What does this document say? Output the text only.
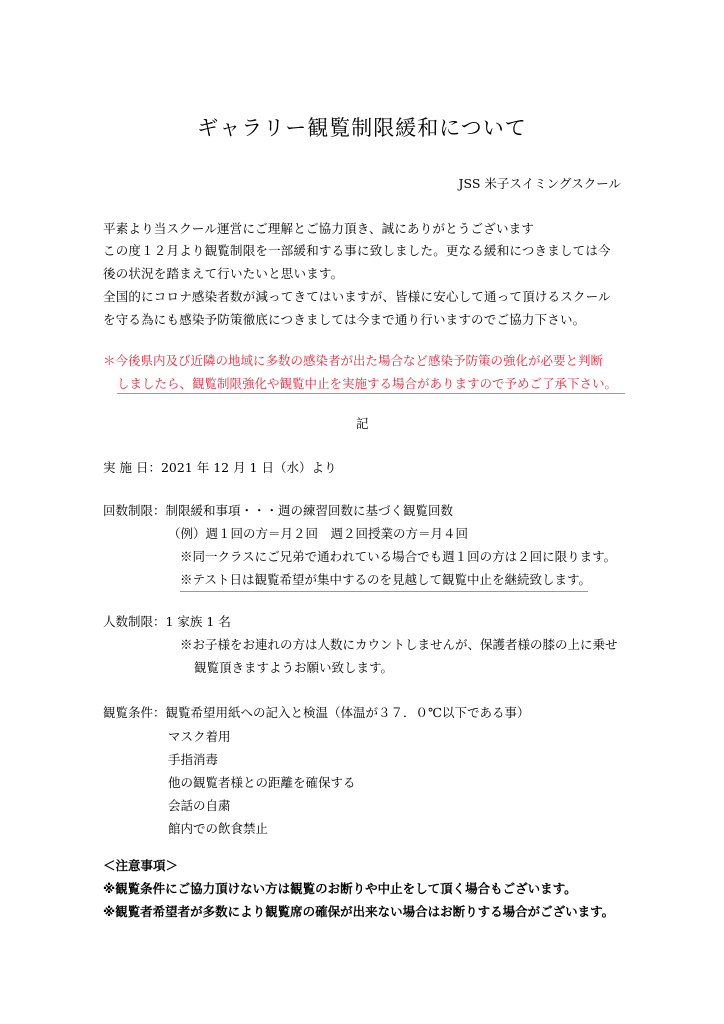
ギャラリー観覧制限緩和について
JSS 米子スイミングスクール
平素より当スクール運営にご理解とご協力頂き、誠にありがとうございます
この度１２月より観覧制限を一部緩和する事に致しました。更なる緩和につきましては今
後の状況を踏まえて行いたいと思います。
全国的にコロナ感染者数が減ってきてはいますが、皆様に安心して通って頂けるスクール
を守る為にも感染予防策徹底につきましては今まで通り行いますのでご協力下さい。
＊今後県内及び近隣の地域に多数の感染者が出た場合など感染予防策の強化が必要と判断
しましたら、観覧制限強化や観覧中止を実施する場合がありますので予めご了承下さい。
記
実 施 日：2021 年 12 月 1 日（水）より
回数制限：制限緩和事項・・・週の練習回数に基づく観覧回数
（例）週１回の方＝月２回　週２回授業の方＝月４回
※同一クラスにご兄弟で通われている場合でも週１回の方は２回に限ります。
※テスト日は観覧希望が集中するのを見越して観覧中止を継続致します。
人数制限：1 家族 1 名
※お子様をお連れの方は人数にカウントしませんが、保護者様の膝の上に乗せ
観覧頂きますようお願い致します。
観覧条件：観覧希望用紙への記入と検温（体温が３７．０℃以下である事）
マスク着用
手指消毒
他の観覧者様との距離を確保する
会話の自粛
館内での飲食禁止
＜注意事項＞
※観覧条件にご協力頂けない方は観覧のお断りや中止をして頂く場合もございます。
※観覧者希望者が多数により観覧席の確保が出来ない場合はお断りする場合がございます。
